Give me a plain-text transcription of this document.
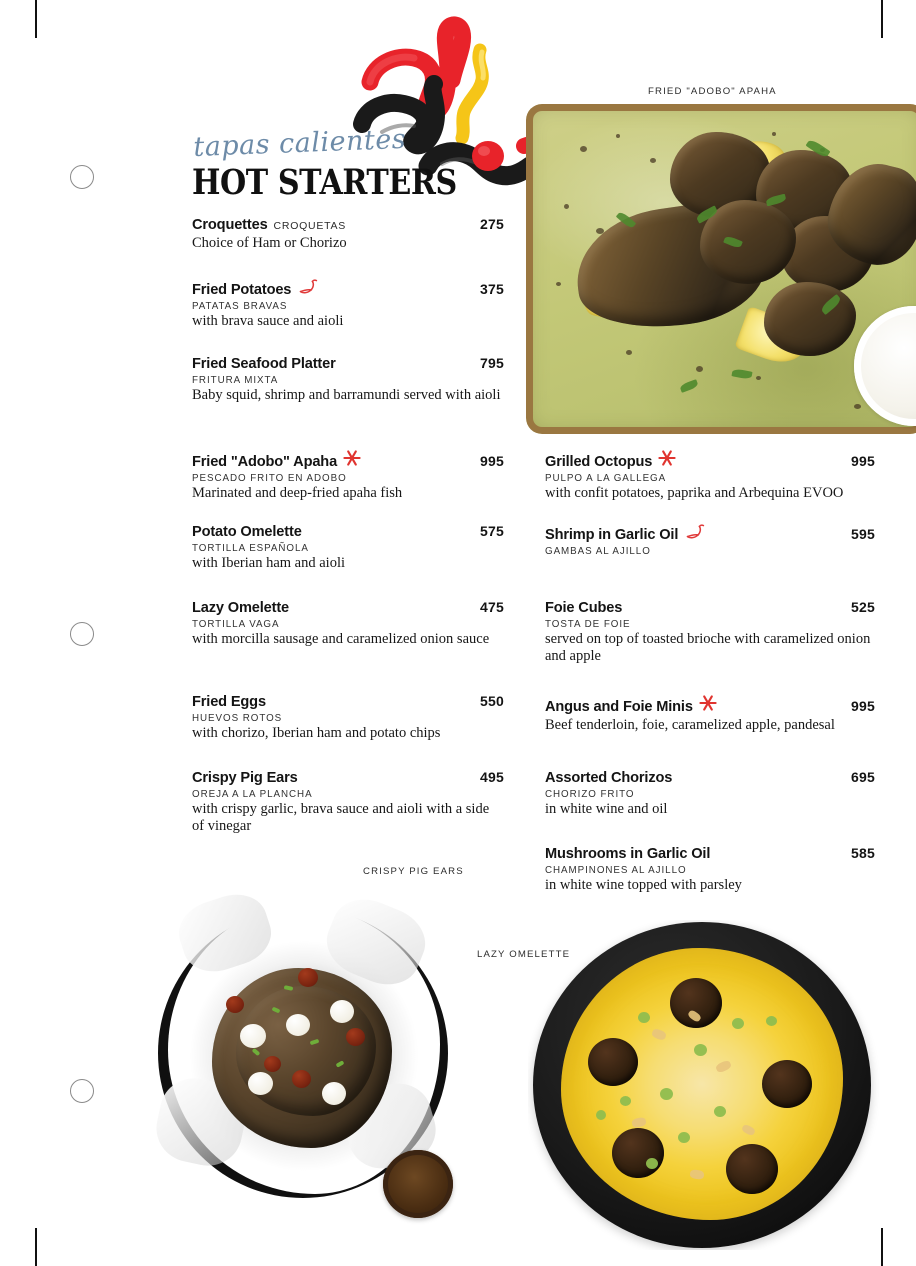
FRIED "ADOBO" APAHA
tapas calientes
HOT STARTERS
Croquettes CROQUETAS	275
Choice of Ham or Chorizo
Fried Potatoes	375
PATATAS BRAVAS
with brava sauce and aioli
Fried Seafood Platter	795
FRITURA MIXTA
Baby squid, shrimp and barramundi served with aioli
Fried "Adobo" Apaha	995
PESCADO FRITO EN ADOBO
Marinated and deep-fried apaha fish
Potato Omelette	575
TORTILLA ESPAÑOLA
with Iberian ham and aioli
Lazy Omelette	475
TORTILLA VAGA
with morcilla sausage and caramelized onion sauce
Fried Eggs	550
HUEVOS ROTOS
with chorizo, Iberian ham and potato chips
Crispy Pig Ears	495
OREJA A LA PLANCHA
with crispy garlic, brava sauce and aioli with a side of vinegar
Grilled Octopus	995
PULPO A LA GALLEGA
with confit potatoes, paprika and Arbequina EVOO
Shrimp in Garlic Oil	595
GAMBAS AL AJILLO
Foie Cubes	525
TOSTA DE FOIE
served on top of toasted brioche with caramelized onion and apple
Angus and Foie Minis	995
Beef tenderloin, foie, caramelized apple, pandesal
Assorted Chorizos	695
CHORIZO FRITO
in white wine and oil
Mushrooms in Garlic Oil	585
CHAMPINONES AL AJILLO
in white wine topped with parsley
CRISPY PIG EARS
LAZY OMELETTE
